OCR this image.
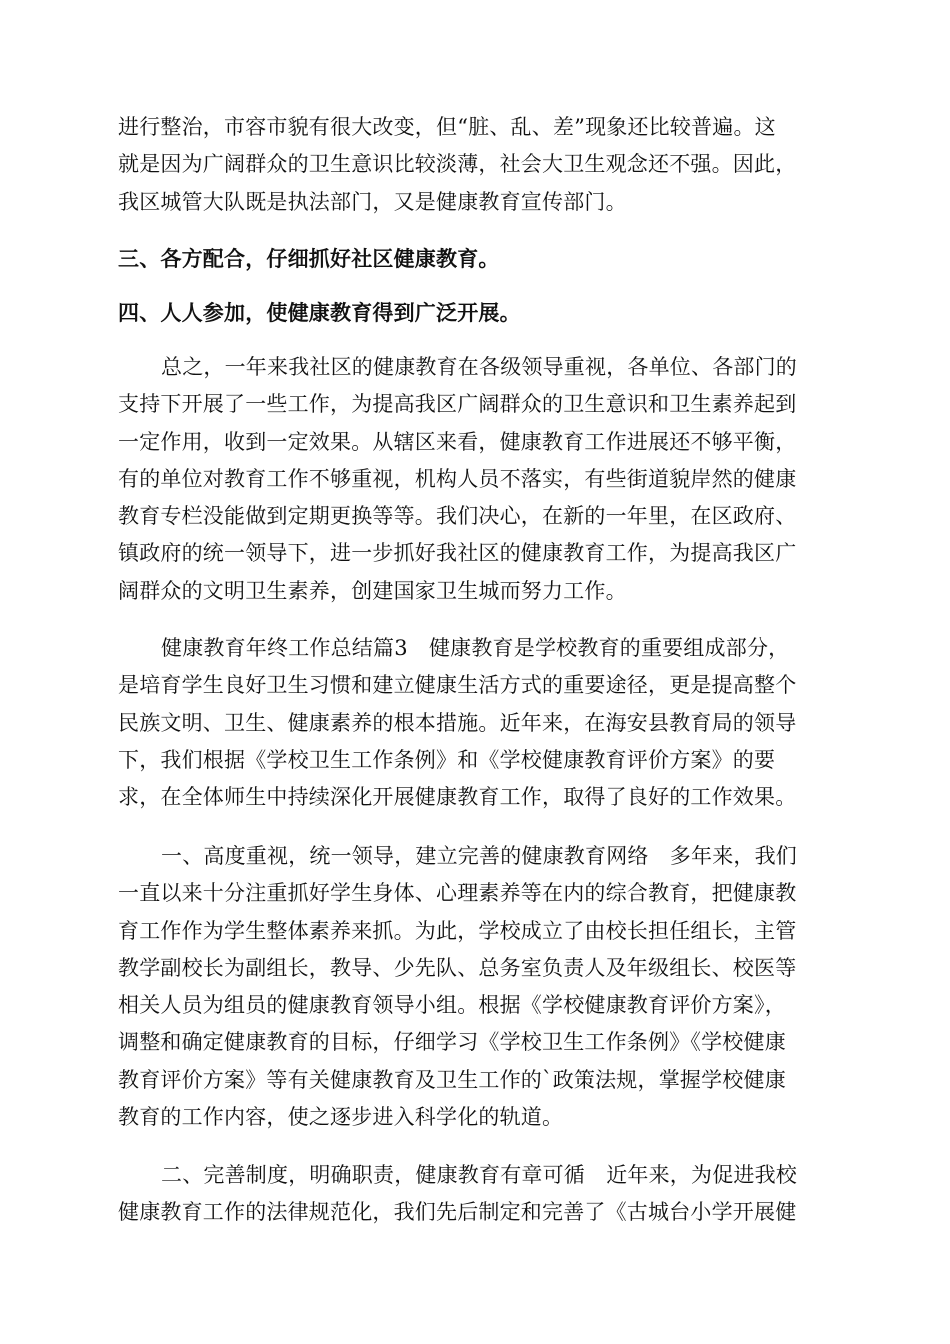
进行整治，市容市貌有很大改变，但“脏、乱、差”现象还比较普遍。这
就是因为广阔群众的卫生意识比较淡薄，社会大卫生观念还不强。因此，
我区城管大队既是执法部门，又是健康教育宣传部门。
三、各方配合，仔细抓好社区健康教育。
四、人人参加，使健康教育得到广泛开展。
总之，一年来我社区的健康教育在各级领导重视，各单位、各部门的
支持下开展了一些工作，为提高我区广阔群众的卫生意识和卫生素养起到
一定作用，收到一定效果。从辖区来看，健康教育工作进展还不够平衡，
有的单位对教育工作不够重视，机构人员不落实，有些街道貌岸然的健康
教育专栏没能做到定期更换等等。我们决心，在新的一年里，在区政府、
镇政府的统一领导下，进一步抓好我社区的健康教育工作，为提高我区广
阔群众的文明卫生素养，创建国家卫生城而努力工作。
健康教育年终工作总结篇3　健康教育是学校教育的重要组成部分，
是培育学生良好卫生习惯和建立健康生活方式的重要途径，更是提高整个
民族文明、卫生、健康素养的根本措施。近年来，在海安县教育局的领导
下，我们根据《学校卫生工作条例》和《学校健康教育评价方案》的要
求，在全体师生中持续深化开展健康教育工作，取得了良好的工作效果。
一、高度重视，统一领导，建立完善的健康教育网络　多年来，我们
一直以来十分注重抓好学生身体、心理素养等在内的综合教育，把健康教
育工作作为学生整体素养来抓。为此，学校成立了由校长担任组长，主管
教学副校长为副组长，教导、少先队、总务室负责人及年级组长、校医等
相关人员为组员的健康教育领导小组。根据《学校健康教育评价方案》，
调整和确定健康教育的目标，仔细学习《学校卫生工作条例》《学校健康
教育评价方案》等有关健康教育及卫生工作的`政策法规，掌握学校健康
教育的工作内容，使之逐步进入科学化的轨道。
二、完善制度，明确职责，健康教育有章可循　近年来，为促进我校
健康教育工作的法律规范化，我们先后制定和完善了《古城台小学开展健
